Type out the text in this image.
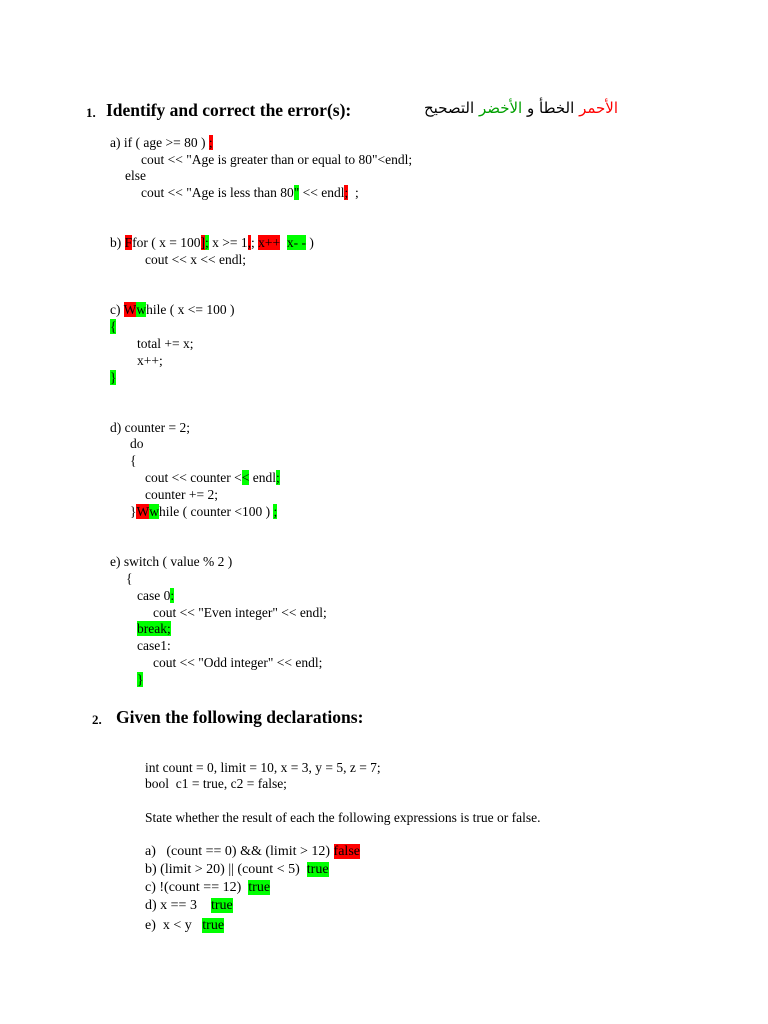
1. Identify and correct the error(s):	الأحمر الخطأ و الأخضر التصحيح
a) if ( age >= 80 ) ;
cout << "Age is greater than or equal to 80"<endl;
else
cout << "Age is less than 80" << endl;  ;
b) Ffor ( x = 100]; x >= 1,; x++ x- - )
cout << x << endl;
c) Wwhile ( x <= 100 )
{
total += x;
x++;
}
d) counter = 2;
do
{
cout << counter << endl;
counter += 2;
}Wwhile ( counter <100 ) ;
e) switch ( value % 2 )
{
case 0:
cout << "Even integer" << endl;
break;
case1:
cout << "Odd integer" << endl;
}
2. Given the following declarations:
int count = 0, limit = 10, x = 3, y = 5, z = 7;
bool  c1 = true, c2 = false;
State whether the result of each the following expressions is true or false.
a)   (count == 0) && (limit > 12) false
b) (limit > 20) || (count < 5)  true
c) !(count == 12)  true
d) x == 3    true
e)  x < y   true
